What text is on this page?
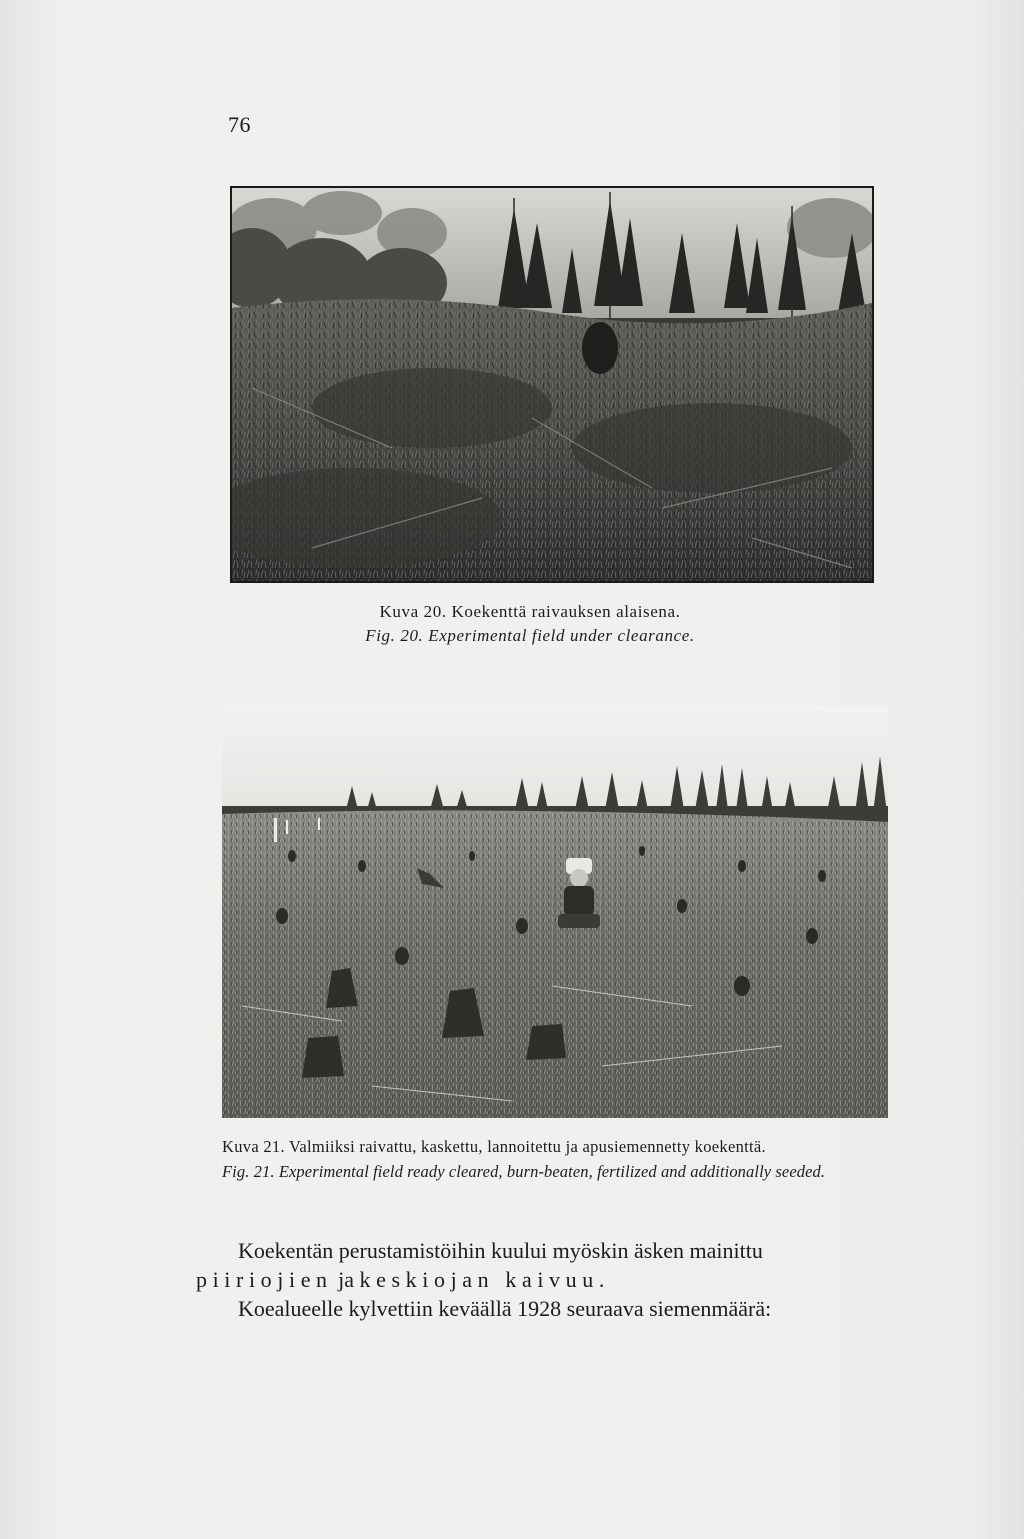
76
Kuva 20. Koekenttä raivauksen alaisena.
Fig. 20. Experimental field under clearance.
Kuva 21. Valmiiksi raivattu, kaskettu, lannoitettu ja apusiemennetty koekenttä.
Fig. 21. Experimental field ready cleared, burn-beaten, fertilized and additionally seeded.

Koekentän perustamistöihin kuului myöskin äsken mainittu

piiriojien ja keskiojan kaivuu.

Koealueelle kylvettiin keväällä 1928 seuraava siemenmäärä:
